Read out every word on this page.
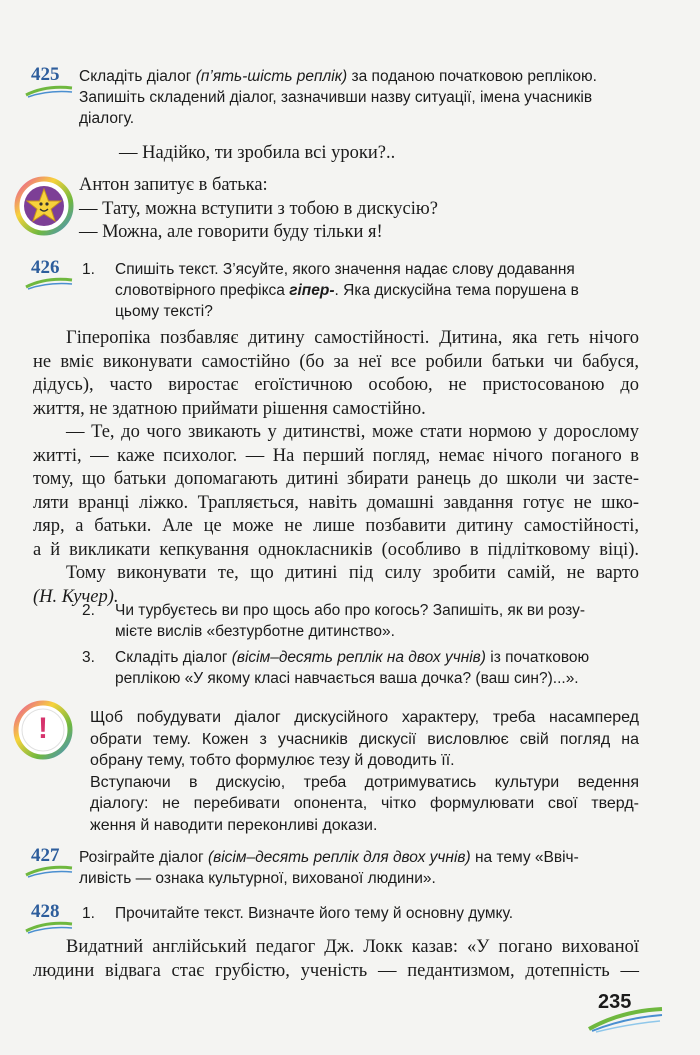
425 Складіть діалог (п’ять-шість реплік) за поданою початковою реплікою.
Запишіть складений діалог, зазначивши назву ситуації, імена учасників
діалогу.
— Надійко, ти зробила всі уроки?..
Антон запитує в батька:
— Тату, можна вступити з тобою в дискусію?
— Можна, але говорити буду тільки я!
426 1. Спишіть текст. З’ясуйте, якого значення надає слову додавання
словотвірного префікса гіпер-. Яка дискусійна тема порушена в
цьому тексті?
Гіперопіка позбавляє дитину самостійності. Дитина, яка геть нічого
не вміє виконувати самостійно (бо за неї все робили батьки чи бабуся,
дідусь), часто виростає егоїстичною особою, не пристосованою до
життя, не здатною приймати рішення самостійно.
— Те, до чого звикають у дитинстві, може стати нормою у дорослому
житті, — каже психолог. — На перший погляд, немає нічого поганого в
тому, що батьки допомагають дитині збирати ранець до школи чи засте-
ляти вранці ліжко. Трапляється, навіть домашні завдання готує не шко-
ляр, а батьки. Але це може не лише позбавити дитину самостійності,
а й викликати кепкування однокласників (особливо в підлітковому віці).
Тому виконувати те, що дитині під силу зробити самій, не варто
(Н. Кучер).
2. Чи турбуєтесь ви про щось або про когось? Запишіть, як ви розу-
мієте вислів «безтурботне дитинство».
3. Складіть діалог (вісім–десять реплік на двох учнів) із початковою
реплікою «У якому класі навчається ваша дочка? (ваш син?)...».
!	Щоб побудувати діалог дискусійного характеру, треба насамперед
обрати тему. Кожен з учасників дискусії висловлює свій погляд на
обрану тему, тобто формулює тезу й доводить її.
Вступаючи в дискусію, треба дотримуватись культури ведення
діалогу: не перебивати опонента, чітко формулювати свої тверд-
ження й наводити переконливі докази.
427 Розіграйте діалог (вісім–десять реплік для двох учнів) на тему «Ввіч-
ливість — ознака культурної, вихованої людини».
428 1. Прочитайте текст. Визначте його тему й основну думку.
Видатний англійський педагог Дж. Локк казав: «У погано вихованої
людини відвага стає грубістю, ученість — педантизмом, дотепність —
235
